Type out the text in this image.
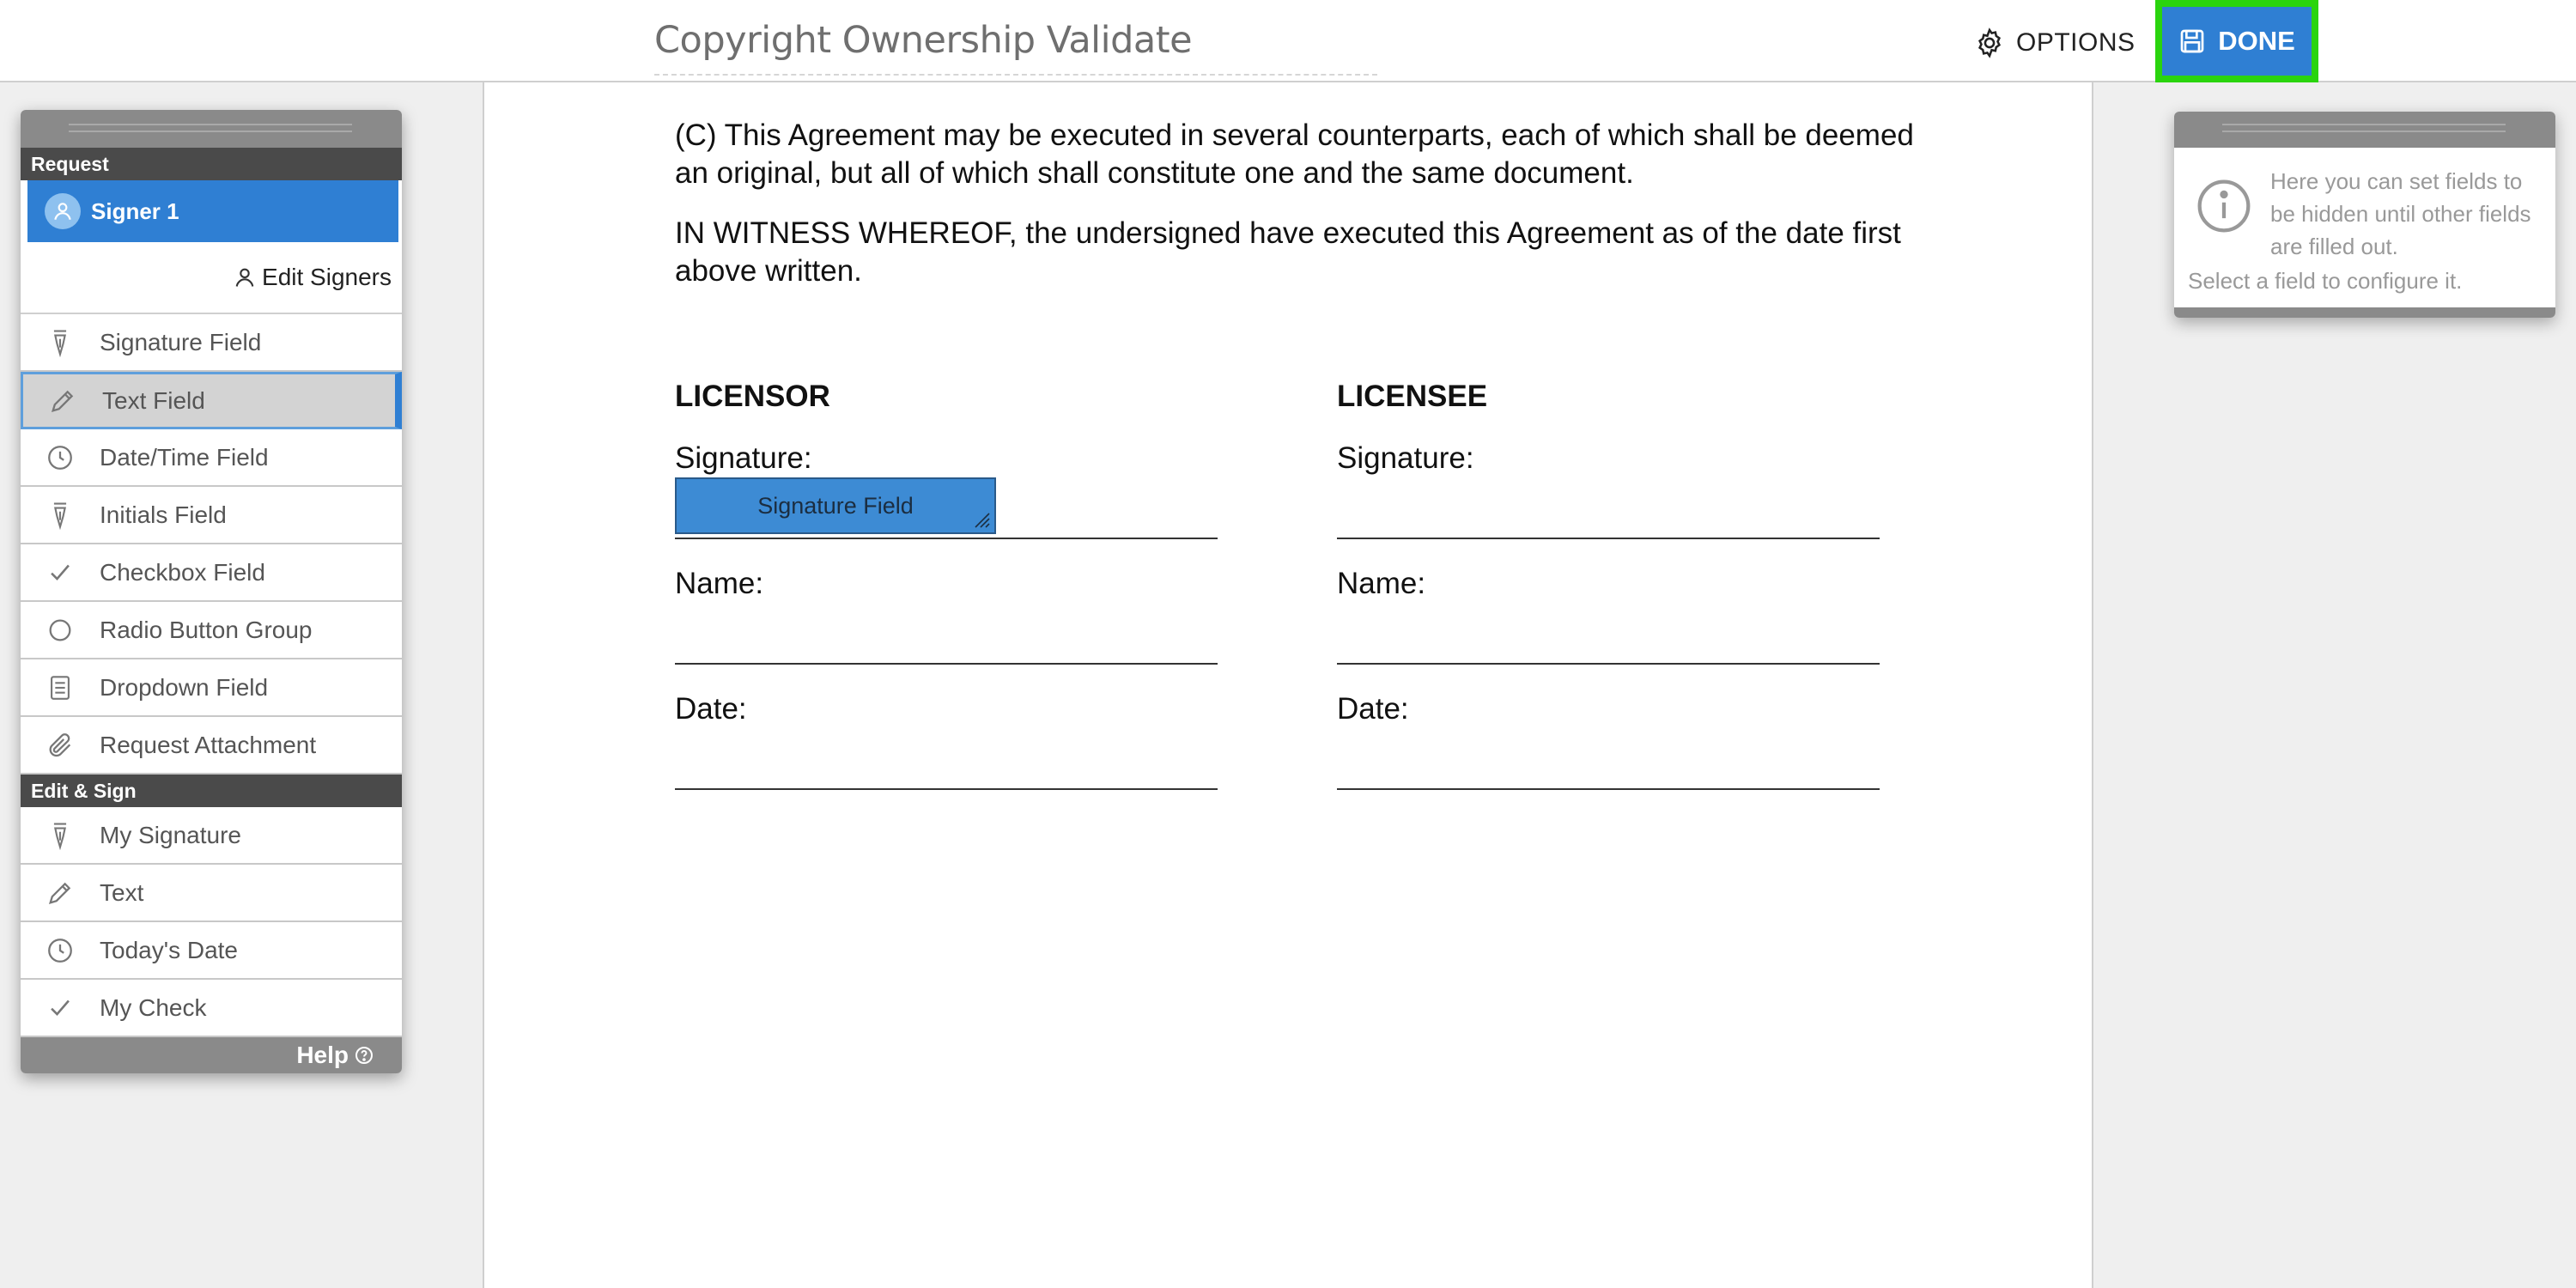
Copyright Ownership Validate	OPTIONS	DONE
(C) This Agreement may be executed in several counterparts, each of which shall be deemed an original, but all of which shall constitute one and the same document.
IN WITNESS WHEREOF, the undersigned have executed this Agreement as of the date first above written.
LICENSOR	LICENSEE
Signature:	Signature:
Signature Field
Name:	Name:
Date:	Date:
Request
Signer 1
Edit Signers
Signature Field
Text Field
Date/Time Field
Initials Field
Checkbox Field
Radio Button Group
Dropdown Field
Request Attachment
Edit & Sign
My Signature
Text
Today's Date
My Check
Help
Here you can set fields to be hidden until other fields are filled out.
Select a field to configure it.
